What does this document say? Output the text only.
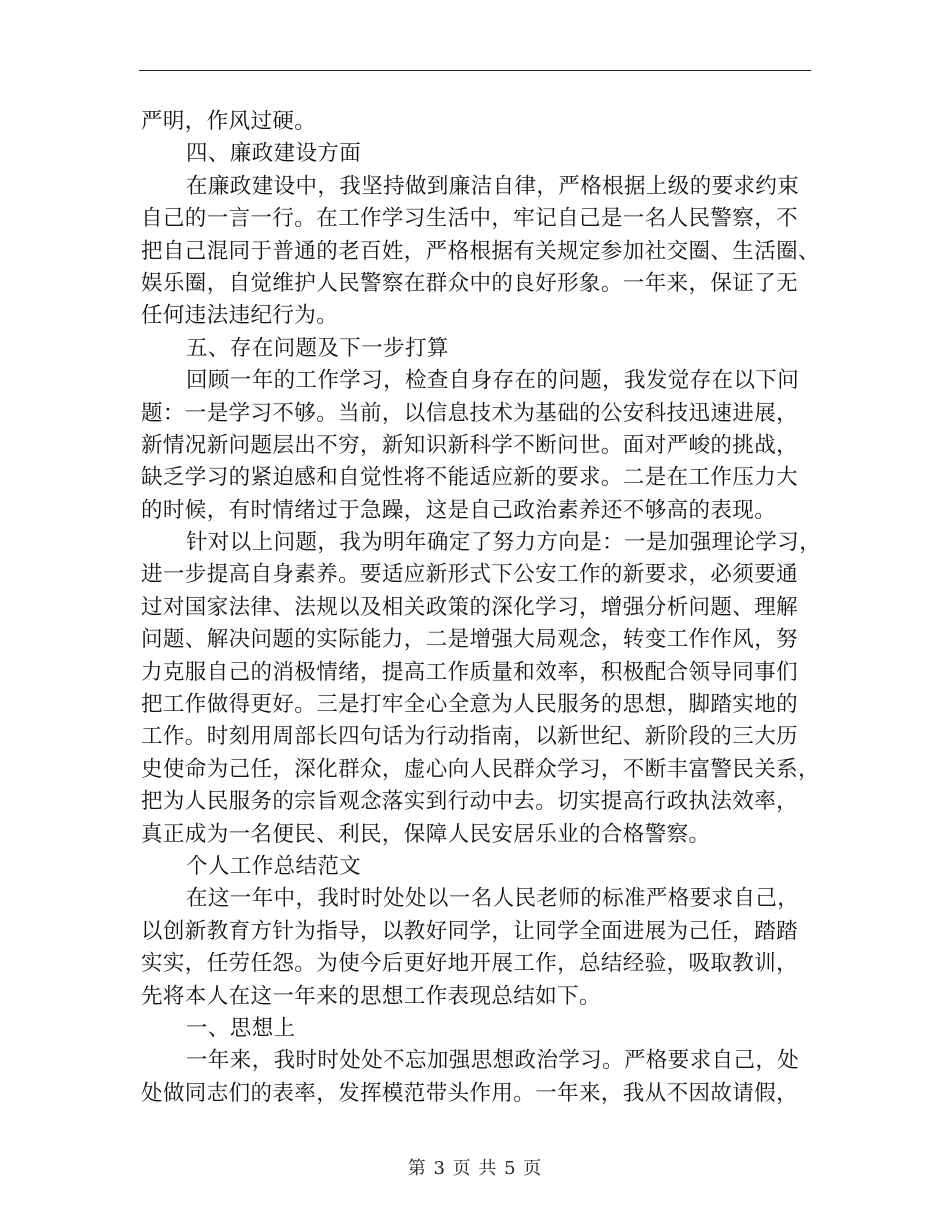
严明，作风过硬。
四、廉政建设方面
在廉政建设中，我坚持做到廉洁自律，严格根据上级的要求约束
自己的一言一行。在工作学习生活中，牢记自己是一名人民警察，不
把自己混同于普通的老百姓，严格根据有关规定参加社交圈、生活圈、
娱乐圈，自觉维护人民警察在群众中的良好形象。一年来，保证了无
任何违法违纪行为。
五、存在问题及下一步打算
回顾一年的工作学习，检查自身存在的问题，我发觉存在以下问
题：一是学习不够。当前，以信息技术为基础的公安科技迅速进展，
新情况新问题层出不穷，新知识新科学不断问世。面对严峻的挑战，
缺乏学习的紧迫感和自觉性将不能适应新的要求。二是在工作压力大
的时候，有时情绪过于急躁，这是自己政治素养还不够高的表现。
针对以上问题，我为明年确定了努力方向是：一是加强理论学习，
进一步提高自身素养。要适应新形式下公安工作的新要求，必须要通
过对国家法律、法规以及相关政策的深化学习，增强分析问题、理解
问题、解决问题的实际能力，二是增强大局观念，转变工作作风，努
力克服自己的消极情绪，提高工作质量和效率，积极配合领导同事们
把工作做得更好。三是打牢全心全意为人民服务的思想，脚踏实地的
工作。时刻用周部长四句话为行动指南，以新世纪、新阶段的三大历
史使命为己任，深化群众，虚心向人民群众学习，不断丰富警民关系，
把为人民服务的宗旨观念落实到行动中去。切实提高行政执法效率，
真正成为一名便民、利民，保障人民安居乐业的合格警察。
个人工作总结范文
在这一年中，我时时处处以一名人民老师的标准严格要求自己，
以创新教育方针为指导，以教好同学，让同学全面进展为己任，踏踏
实实，任劳任怨。为使今后更好地开展工作，总结经验，吸取教训，
先将本人在这一年来的思想工作表现总结如下。
一、思想上
一年来，我时时处处不忘加强思想政治学习。严格要求自己，处
处做同志们的表率，发挥模范带头作用。一年来，我从不因故请假，
第 3 页 共 5 页
